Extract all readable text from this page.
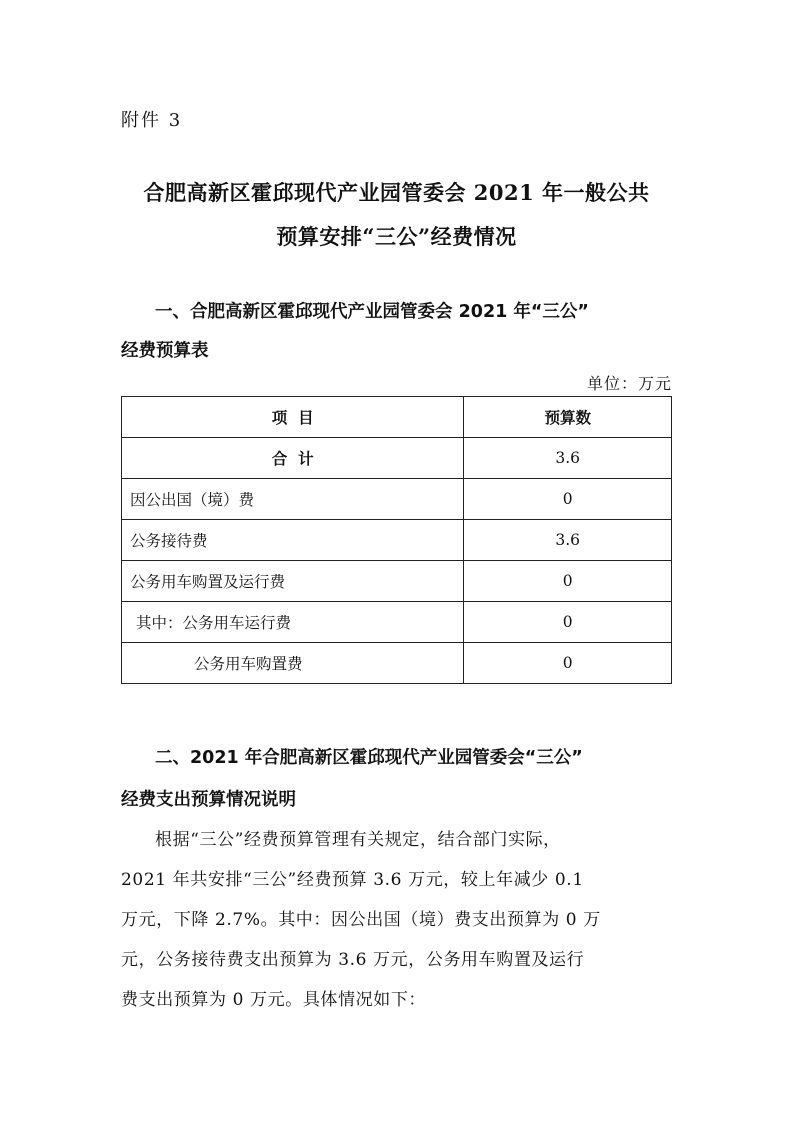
附件 3
合肥高新区霍邱现代产业园管委会 2021 年一般公共
预算安排“三公”经费情况
一、合肥高新区霍邱现代产业园管委会 2021 年“三公”
经费预算表
单位：万元
项  目	预算数
合  计	3.6
因公出国（境）费	0
公务接待费	3.6
公务用车购置及运行费	0
其中：公务用车运行费	0
公务用车购置费	0
二、2021 年合肥高新区霍邱现代产业园管委会“三公”
经费支出预算情况说明
根据“三公”经费预算管理有关规定，结合部门实际，
2021 年共安排“三公”经费预算 3.6 万元，较上年减少 0.1
万元，下降 2.7%。其中：因公出国（境）费支出预算为 0 万
元，公务接待费支出预算为 3.6 万元，公务用车购置及运行
费支出预算为 0 万元。具体情况如下：
